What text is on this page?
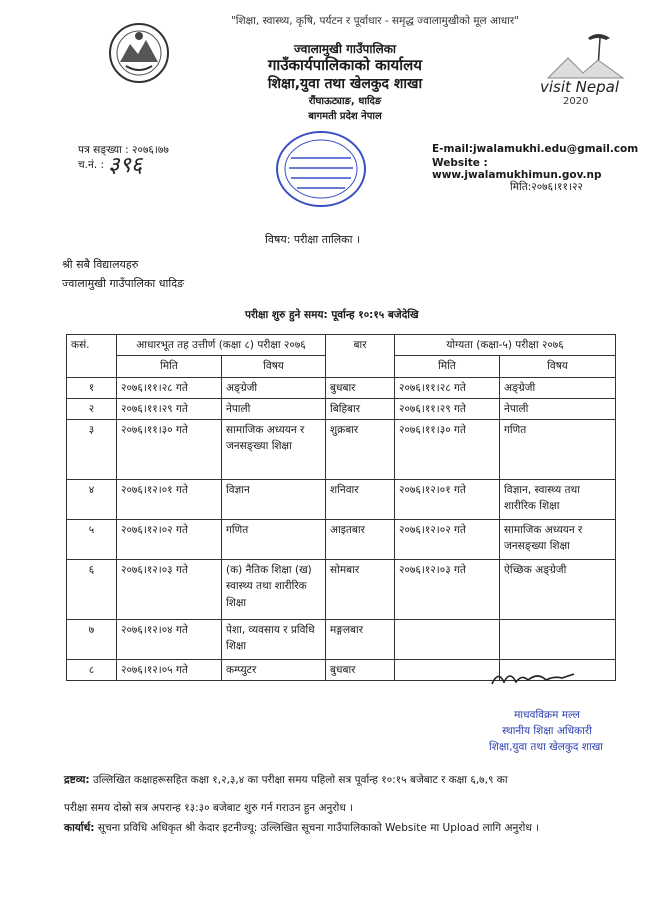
"शिक्षा, स्वास्थ्य, कृषि, पर्यटन र पूर्वाधार - समृद्ध ज्वालामुखीको मूल आधार"
ज्वालामुखी गाउँपालिका
गाउँकार्यपालिकाको कार्यालय
शिक्षा,युवा तथा खेलकुद शाखा
रौंघाऊट्याङ, धादिङ
बागमती प्रदेश नेपाल
visit Nepal
2020
पत्र सङ्ख्या : २०७६।७७
च.नं. : ३९६
E-mail:jwalamukhi.edu@gmail.com
Website : www.jwalamukhimun.gov.np
मिति:२०७६।११।२२
विषय: परीक्षा तालिका ।
श्री सबै विद्यालयहरु
ज्वालामुखी गाउँपालिका धादिङ
परीक्षा शुरु हुने समय: पूर्वान्ह १०:१५ बजेदेखि
कसं.	आधारभूत तह उत्तीर्ण (कक्षा ८) परीक्षा २०७६		बार	योग्यता (कक्षा-५) परीक्षा २०७६	
	मिति	विषय		मिति	विषय
१	२०७६।११।२८ गते	अङ्ग्रेजी	बुधबार	२०७६।११।२८ गते	अङ्ग्रेजी
२	२०७६।११।२९ गते	नेपाली	बिहिबार	२०७६।११।२९ गते	नेपाली
३	२०७६।११।३० गते	सामाजिक अध्ययन र जनसङ्ख्या शिक्षा	शुक्रबार	२०७६।११।३० गते	गणित
४	२०७६।१२।०१ गते	विज्ञान	शनिवार	२०७६।१२।०१ गते	विज्ञान, स्वास्थ्य तथा शारीरिक शिक्षा
५	२०७६।१२।०२ गते	गणित	आइतबार	२०७६।१२।०२ गते	सामाजिक अध्ययन र जनसङ्ख्या शिक्षा
६	२०७६।१२।०३ गते	(क) नैतिक शिक्षा (ख) स्वास्थ्य तथा शारीरिक शिक्षा	सोमबार	२०७६।१२।०३ गते	ऐच्छिक अङ्ग्रेजी
७	२०७६।१२।०४ गते	पेशा, व्यवसाय र प्रविधि शिक्षा	मङ्गलबार		
८	२०७६।१२।०५ गते	कम्प्युटर	बुधबार		
माधवविक्रम मल्ल
स्थानीय शिक्षा अधिकारी
शिक्षा,युवा तथा खेलकुद शाखा
द्रष्टव्य: उल्लिखित कक्षाहरूसहित कक्षा १,२,३,४ का परीक्षा समय पहिलो सत्र पूर्वान्ह १०:१५ बजेबाट र कक्षा ६,७,९ का
परीक्षा समय दोस्रो सत्र अपरान्ह १३:३० बजेबाट शुरु गर्न गराउन हुन अनुरोध ।
कार्यार्थ: सूचना प्रविधि अधिकृत श्री केदार इटनीज्यू: उल्लिखित सूचना गाउँपालिकाको Website मा Upload लागि अनुरोध ।
